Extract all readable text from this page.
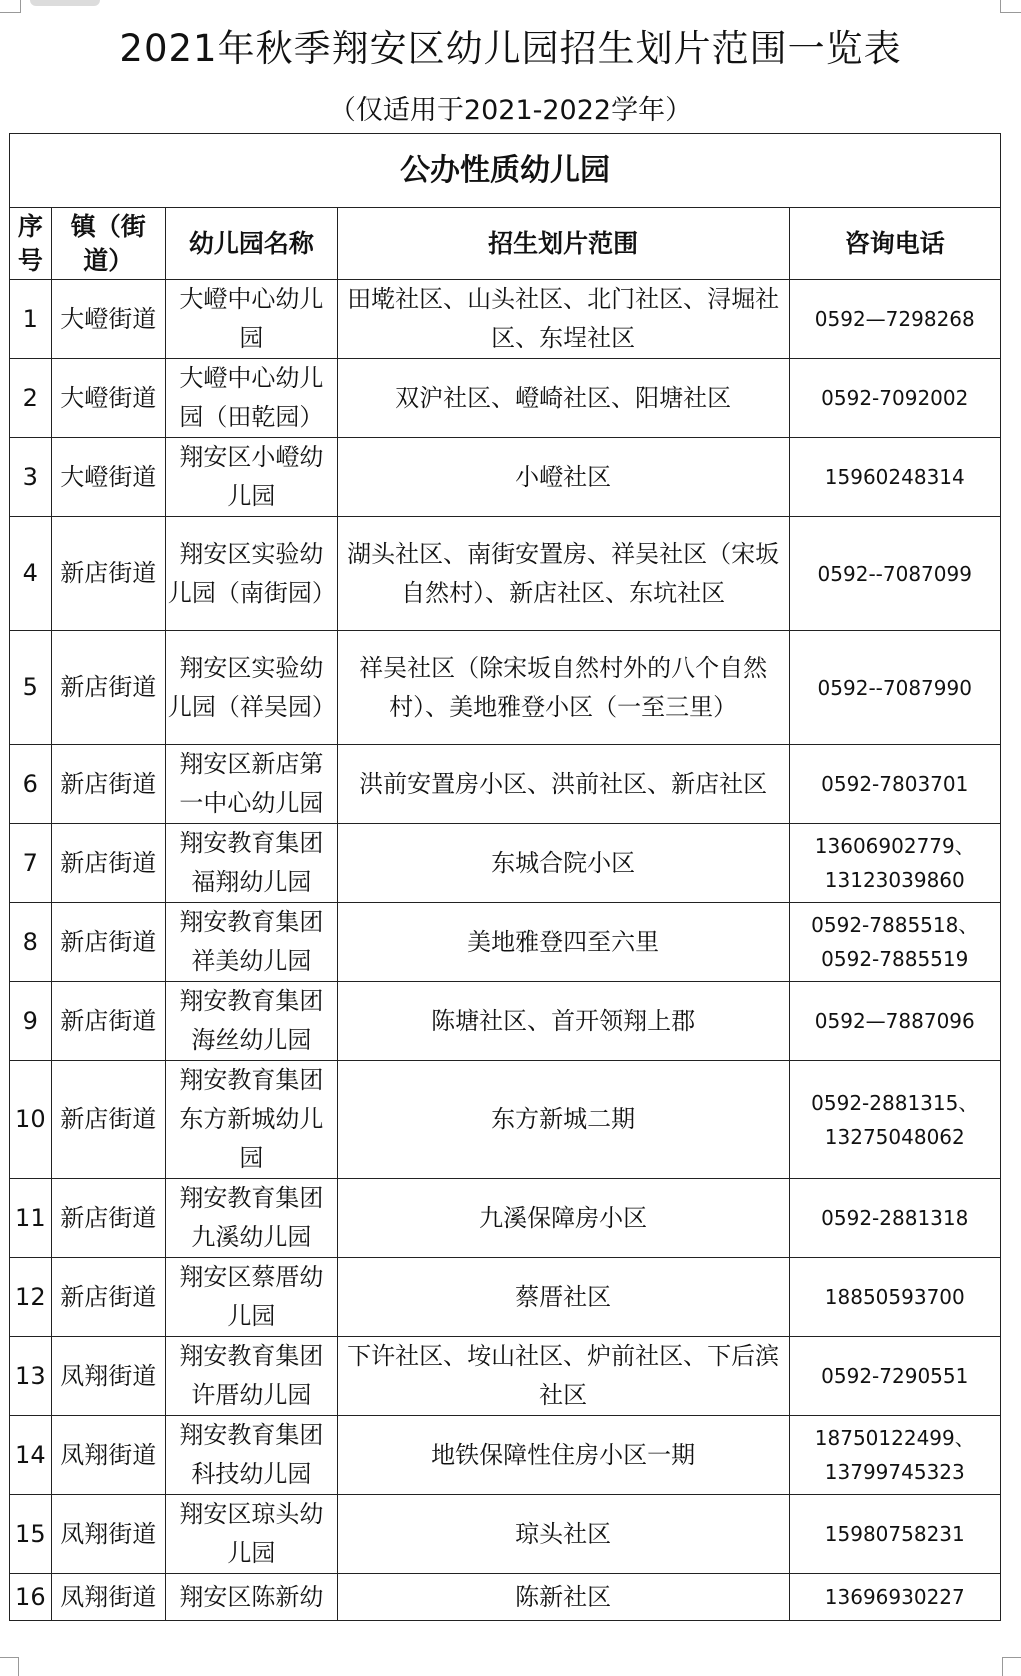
2021年秋季翔安区幼儿园招生划片范围一览表
（仅适用于2021-2022学年）
公办性质幼儿园				
序号	镇（街道）	幼儿园名称	招生划片范围	咨询电话
1	大嶝街道	大嶝中心幼儿园	田墘社区、山头社区、北门社区、浔堀社区、东埕社区	0592—7298268
2	大嶝街道	大嶝中心幼儿园（田乾园）	双沪社区、嶝崎社区、阳塘社区	0592-7092002
3	大嶝街道	翔安区小嶝幼儿园	小嶝社区	15960248314
4	新店街道	翔安区实验幼儿园（南街园）	湖头社区、南街安置房、祥吴社区（宋坂自然村）、新店社区、东坑社区	0592--7087099
5	新店街道	翔安区实验幼儿园（祥吴园）	祥吴社区（除宋坂自然村外的八个自然村）、美地雅登小区（一至三里）	0592--7087990
6	新店街道	翔安区新店第一中心幼儿园	洪前安置房小区、洪前社区、新店社区	0592-7803701
7	新店街道	翔安教育集团福翔幼儿园	东城合院小区	13606902779、13123039860
8	新店街道	翔安教育集团祥美幼儿园	美地雅登四至六里	0592-7885518、0592-7885519
9	新店街道	翔安教育集团海丝幼儿园	陈塘社区、首开领翔上郡	0592—7887096
10	新店街道	翔安教育集团东方新城幼儿园	东方新城二期	0592-2881315、13275048062
11	新店街道	翔安教育集团九溪幼儿园	九溪保障房小区	0592-2881318
12	新店街道	翔安区蔡厝幼儿园	蔡厝社区	18850593700
13	凤翔街道	翔安教育集团许厝幼儿园	下许社区、垵山社区、炉前社区、下后滨社区	0592-7290551
14	凤翔街道	翔安教育集团科技幼儿园	地铁保障性住房小区一期	18750122499、13799745323
15	凤翔街道	翔安区琼头幼儿园	琼头社区	15980758231
16	凤翔街道	翔安区陈新幼	陈新社区	13696930227
